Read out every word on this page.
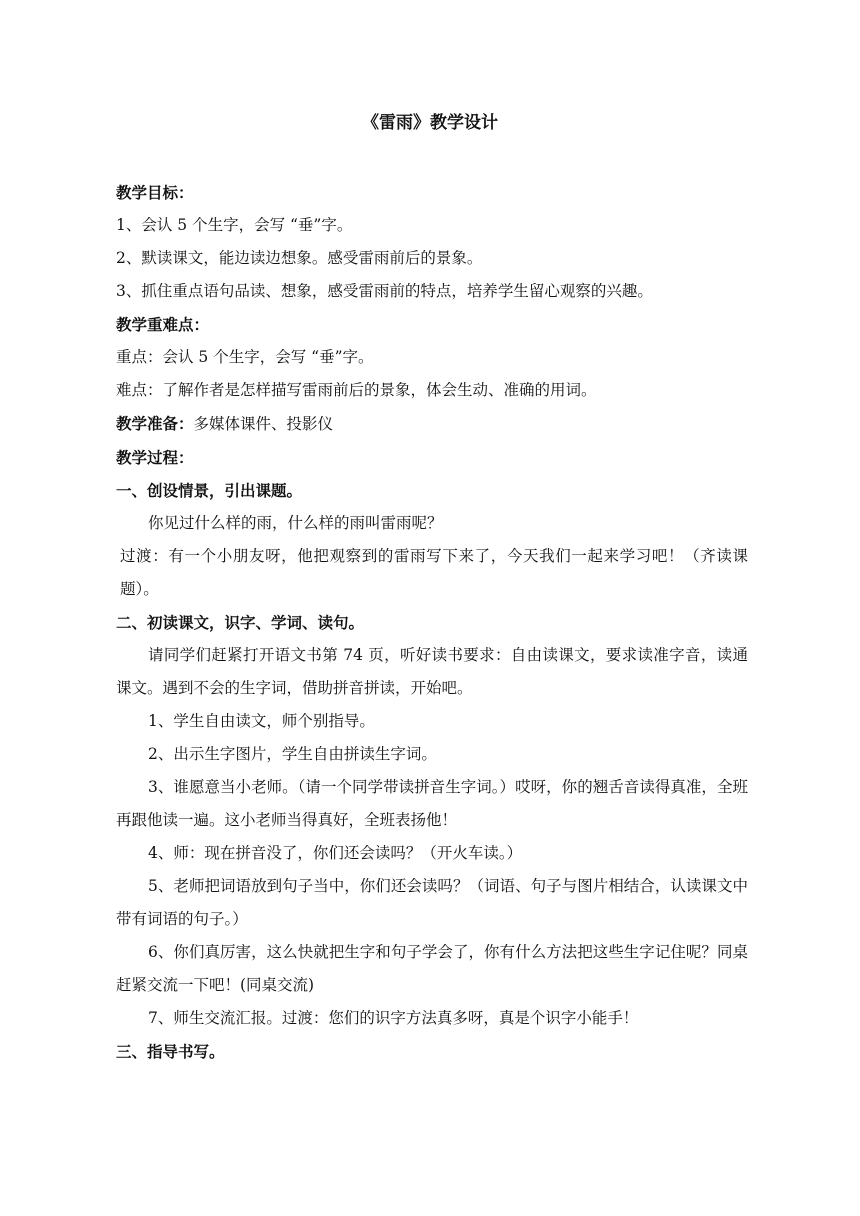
《雷雨》教学设计

教学目标：

1、会认 5 个生字，会写 “垂”字。

2、默读课文，能边读边想象。感受雷雨前后的景象。

3、抓住重点语句品读、想象，感受雷雨前的特点，培养学生留心观察的兴趣。

教学重难点：

重点：会认 5 个生字，会写 “垂”字。

难点：了解作者是怎样描写雷雨前后的景象，体会生动、准确的用词。

教学准备：多媒体课件、投影仪

教学过程：

一、创设情景，引出课题。

你见过什么样的雨，什么样的雨叫雷雨呢？

过渡：有一个小朋友呀，他把观察到的雷雨写下来了，今天我们一起来学习吧！（齐读课题）。

二、初读课文，识字、学词、读句。

请同学们赶紧打开语文书第 74 页，听好读书要求：自由读课文，要求读准字音，读通课文。遇到不会的生字词，借助拼音拼读，开始吧。

1、学生自由读文，师个别指导。

2、出示生字图片，学生自由拼读生字词。

3、谁愿意当小老师。（请一个同学带读拼音生字词。）哎呀，你的翘舌音读得真准，全班再跟他读一遍。这小老师当得真好，全班表扬他！

4、师：现在拼音没了，你们还会读吗？（开火车读。）

5、老师把词语放到句子当中，你们还会读吗？（词语、句子与图片相结合，认读课文中带有词语的句子。）

6、你们真厉害，这么快就把生字和句子学会了，你有什么方法把这些生字记住呢？同桌赶紧交流一下吧！(同桌交流)

7、师生交流汇报。过渡：您们的识字方法真多呀，真是个识字小能手！

三、指导书写。
